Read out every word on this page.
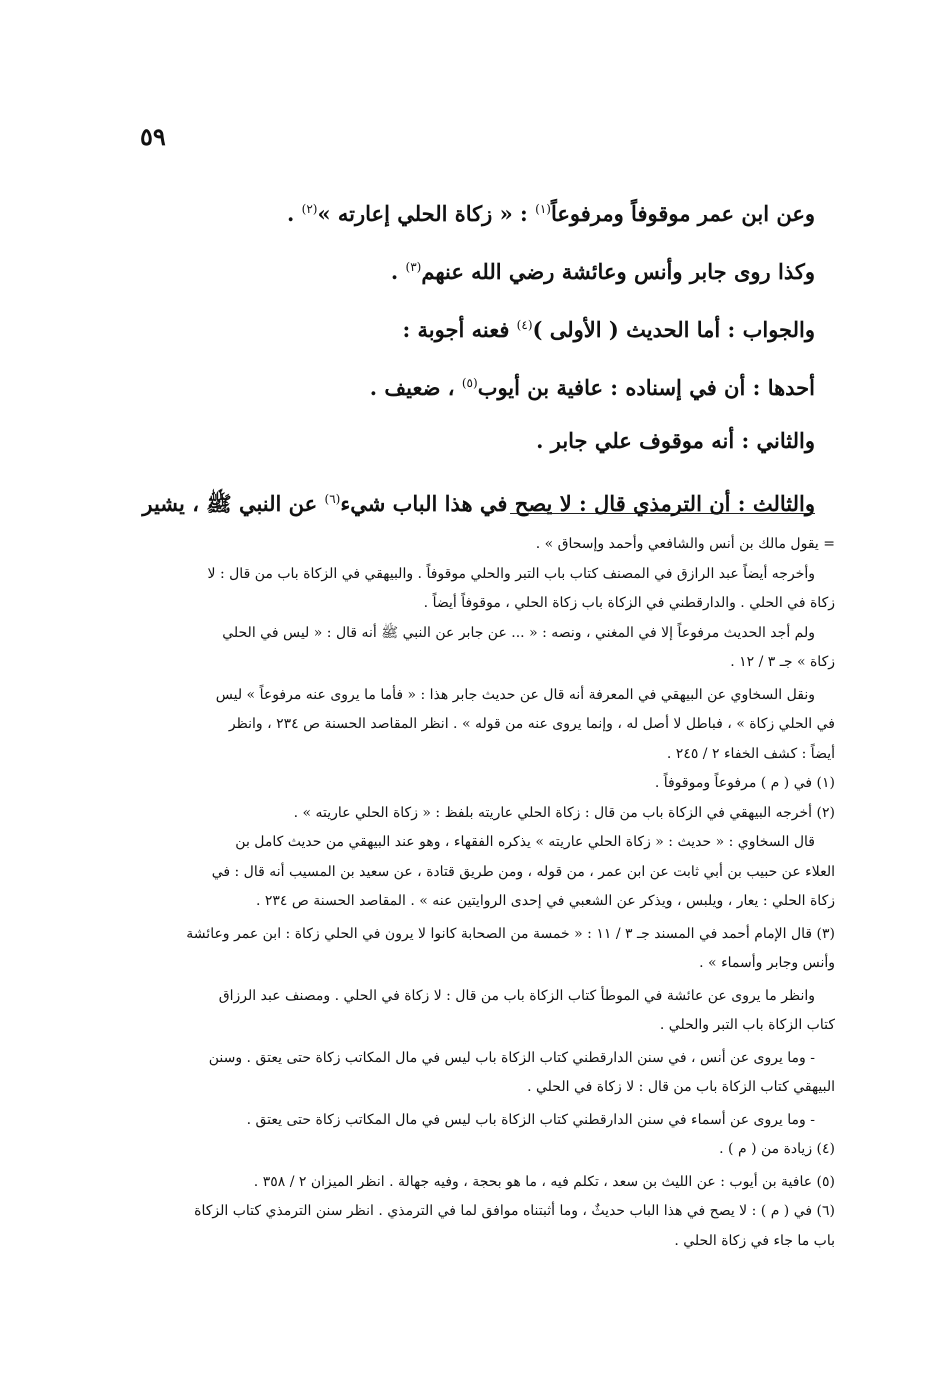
٥٩
وعن ابن عمر موقوفاً ومرفوعاً$^{(١)}$ : « زكاة الحلي إعارته »$^{(٢)}$ .
وكذا روى جابر وأنس وعائشة رضي الله عنهم$^{(٣)}$ .
والجواب : أما الحديث ( الأولى )$^{(٤)}$ فعنه أجوبة :
أحدها : أن في إسناده : عافية بن أيوب$^{(٥)}$ ، ضعيف .
والثاني : أنه موقوف علي جابر .
والثالث : أن الترمذي قال : لا يصح في هذا الباب شيء$^{(٦)}$ عن النبي ﷺ ، يشير
= يقول مالك بن أنس والشافعي وأحمد وإسحاق » .
وأخرجه أيضاً عبد الرازق في المصنف كتاب باب التبر والحلي موقوفاً . والبيهقي في الزكاة باب من قال : لا
زكاة في الحلي . والدارقطني في الزكاة باب زكاة الحلي ، موقوفاً أيضاً .
ولم أجد الحديث مرفوعاً إلا في المغني ، ونصه : « ... عن جابر عن النبي ﷺ أنه قال : « ليس في الحلي
زكاة » جـ ٣ / ١٢ .
ونقل السخاوي عن البيهقي في المعرفة أنه قال عن حديث جابر هذا : « فأما ما يروى عنه مرفوعاً » ليس
في الحلي زكاة » ، فباطل لا أصل له ، وإنما يروى عنه من قوله » . انظر المقاصد الحسنة ص ٢٣٤ ، وانظر
أيضاً : كشف الخفاء ٢ / ٢٤٥ .
(١) في ( م ) مرفوعاً وموقوفاً .
(٢) أخرجه البيهقي في الزكاة باب من قال : زكاة الحلي عاريته بلفظ : « زكاة الحلي عاريته » .
قال السخاوي : « حديث : « زكاة الحلي عاريته » يذكره الفقهاء ، وهو عند البيهقي من حديث كامل بن
العلاء عن حبيب بن أبي ثابت عن ابن عمر ، من قوله ، ومن طريق قتادة ، عن سعيد بن المسيب أنه قال : في
زكاة الحلي : يعار ، ويلبس ، ويذكر عن الشعبي في إحدى الروايتين عنه » . المقاصد الحسنة ص ٢٣٤ .
(٣) قال الإمام أحمد في المسند جـ ٣ / ١١ : « خمسة من الصحابة كانوا لا يرون في الحلي زكاة : ابن عمر وعائشة
وأنس وجابر وأسماء » .
وانظر ما يروى عن عائشة في الموطأ كتاب الزكاة باب من قال : لا زكاة في الحلي . ومصنف عبد الرزاق
كتاب الزكاة باب التبر والحلي .
- وما يروى عن أنس ، في سنن الدارقطني كتاب الزكاة باب ليس في مال المكاتب زكاة حتى يعتق . وسنن
البيهقي كتاب الزكاة باب من قال : لا زكاة في الحلي .
- وما يروى عن أسماء في سنن الدارقطني كتاب الزكاة باب ليس في مال المكاتب زكاة حتى يعتق .
(٤) زيادة من ( م ) .
(٥) عافية بن أيوب : عن الليث بن سعد ، تكلم فيه ، ما هو بحجة ، وفيه جهالة . انظر الميزان ٢ / ٣٥٨ .
(٦) في ( م ) : لا يصح في هذا الباب حديثٌ ، وما أثبتناه موافق لما في الترمذي . انظر سنن الترمذي كتاب الزكاة
باب ما جاء في زكاة الحلي .
